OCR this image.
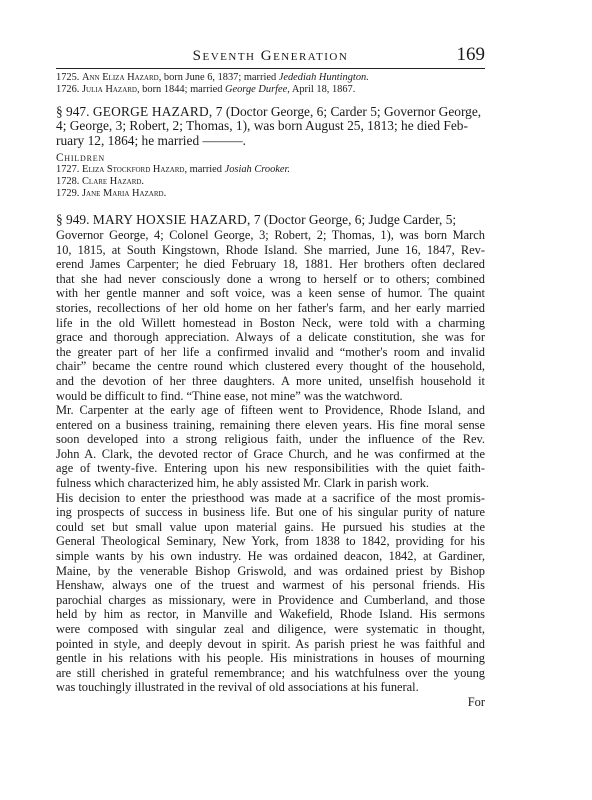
Seventh Generation	169

1725. Ann Eliza Hazard, born June 6, 1837; married Jedediah Huntington.

1726. Julia Hazard, born 1844; married George Durfee, April 18, 1867.

§ 947. GEORGE HAZARD, 7 (Doctor George, 6; Carder 5; Governor George,

4; George, 3; Robert, 2; Thomas, 1), was born August 25, 1813; he died Feb-

ruary 12, 1864; he married ———.

Children

1727. Eliza Stockford Hazard, married Josiah Crooker.

1728. Clare Hazard.

1729. Jane Maria Hazard.

§ 949. MARY HOXSIE HAZARD, 7 (Doctor George, 6; Judge Carder, 5;

Governor George, 4; Colonel George, 3; Robert, 2; Thomas, 1), was born March

10, 1815, at South Kingstown, Rhode Island. She married, June 16, 1847, Rev-

erend James Carpenter; he died February 18, 1881. Her brothers often declared

that she had never consciously done a wrong to herself or to others; combined

with her gentle manner and soft voice, was a keen sense of humor. The quaint

stories, recollections of her old home on her father's farm, and her early married

life in the old Willett homestead in Boston Neck, were told with a charming

grace and thorough appreciation. Always of a delicate constitution, she was for

the greater part of her life a confirmed invalid and “mother's room and invalid

chair” became the centre round which clustered every thought of the household,

and the devotion of her three daughters. A more united, unselfish household it

would be difficult to find. “Thine ease, not mine” was the watchword.

Mr. Carpenter at the early age of fifteen went to Providence, Rhode Island, and

entered on a business training, remaining there eleven years. His fine moral sense

soon developed into a strong religious faith, under the influence of the Rev.

John A. Clark, the devoted rector of Grace Church, and he was confirmed at the

age of twenty-five. Entering upon his new responsibilities with the quiet faith-

fulness which characterized him, he ably assisted Mr. Clark in parish work.

His decision to enter the priesthood was made at a sacrifice of the most promis-

ing prospects of success in business life. But one of his singular purity of nature

could set but small value upon material gains. He pursued his studies at the

General Theological Seminary, New York, from 1838 to 1842, providing for his

simple wants by his own industry. He was ordained deacon, 1842, at Gardiner,

Maine, by the venerable Bishop Griswold, and was ordained priest by Bishop

Henshaw, always one of the truest and warmest of his personal friends. His

parochial charges as missionary, were in Providence and Cumberland, and those

held by him as rector, in Manville and Wakefield, Rhode Island. His sermons

were composed with singular zeal and diligence, were systematic in thought,

pointed in style, and deeply devout in spirit. As parish priest he was faithful and

gentle in his relations with his people. His ministrations in houses of mourning

are still cherished in grateful remembrance; and his watchfulness over the young

was touchingly illustrated in the revival of old associations at his funeral.

For
